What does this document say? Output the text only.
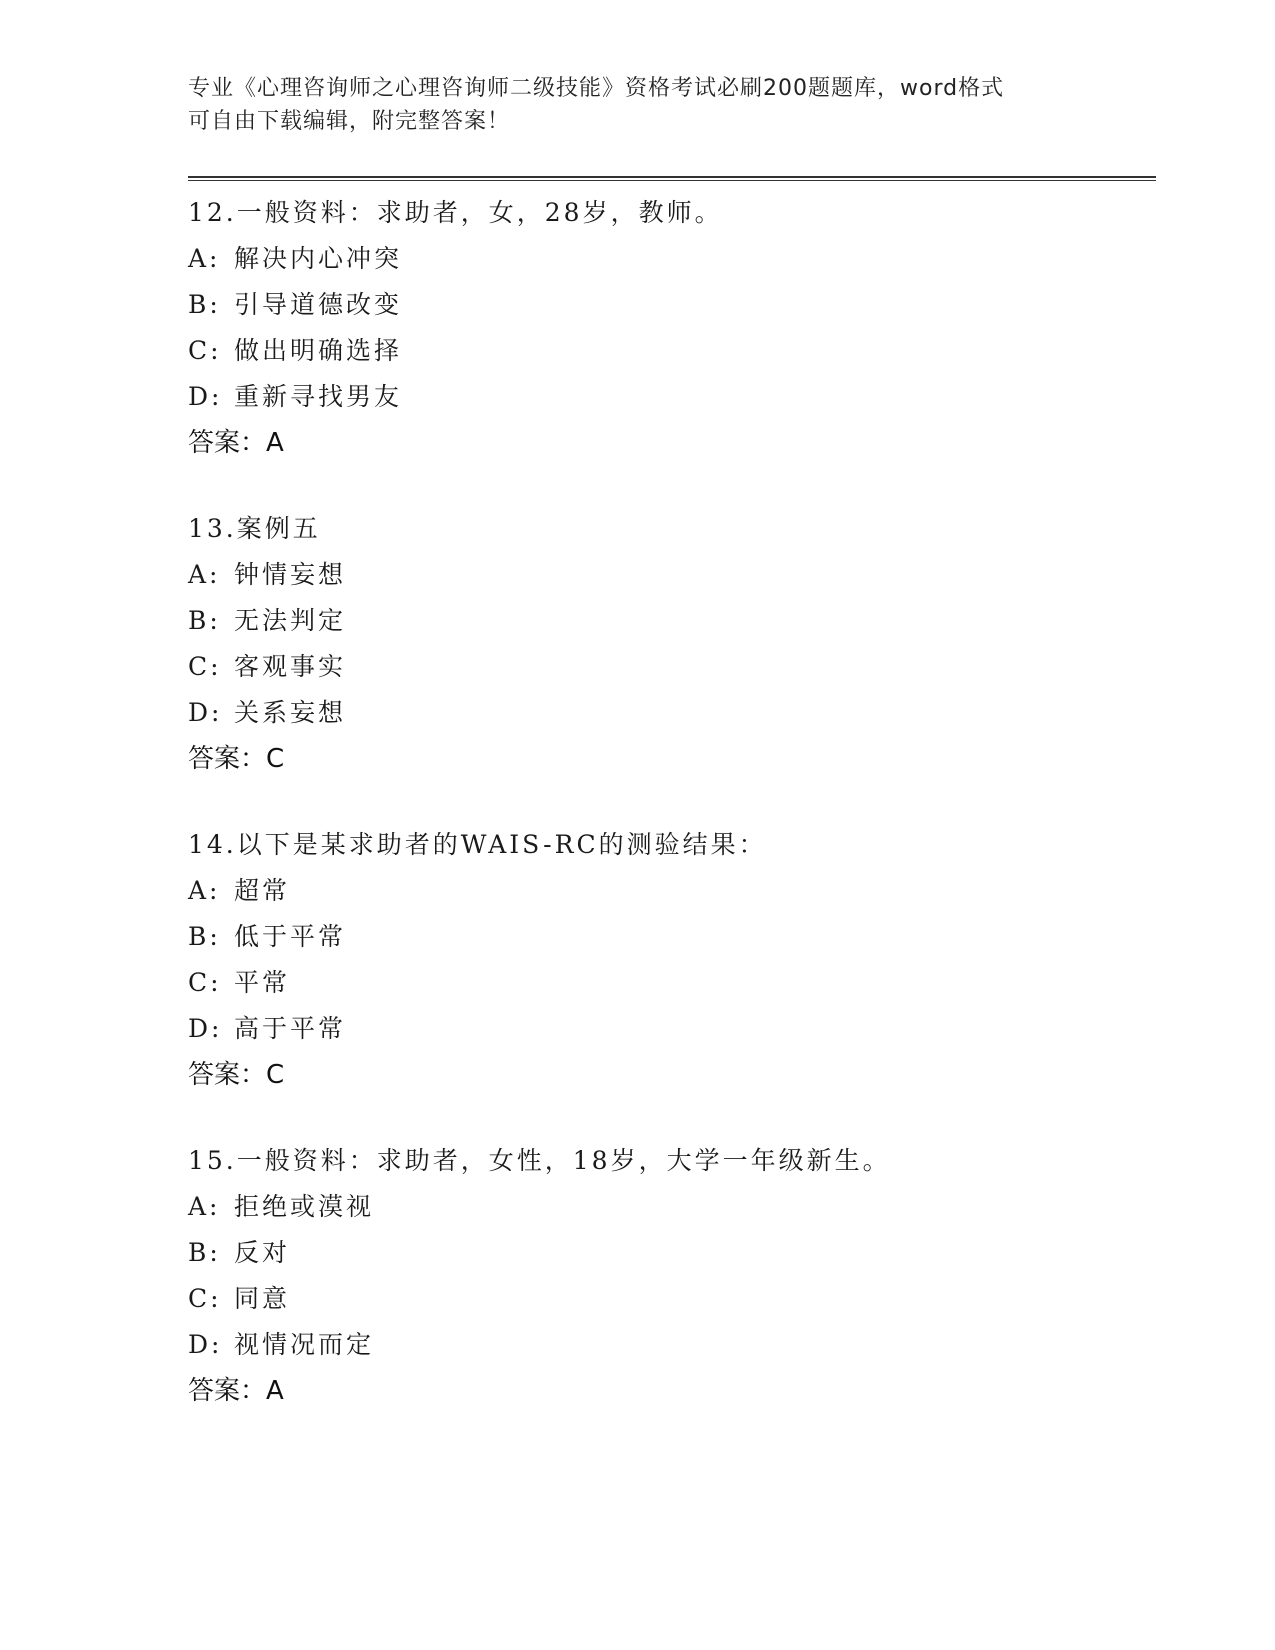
专业《心理咨询师之心理咨询师二级技能》资格考试必刷200题题库，word格式
可自由下载编辑，附完整答案！
12.一般资料：求助者，女，28岁，教师。
A: 解决内心冲突
B: 引导道德改变
C: 做出明确选择
D: 重新寻找男友
答案：A
13.案例五
A: 钟情妄想
B: 无法判定
C: 客观事实
D: 关系妄想
答案：C
14.以下是某求助者的WAIS-RC的测验结果：
A: 超常
B: 低于平常
C: 平常
D: 高于平常
答案：C
15.一般资料：求助者，女性，18岁，大学一年级新生。
A: 拒绝或漠视
B: 反对
C: 同意
D: 视情况而定
答案：A
